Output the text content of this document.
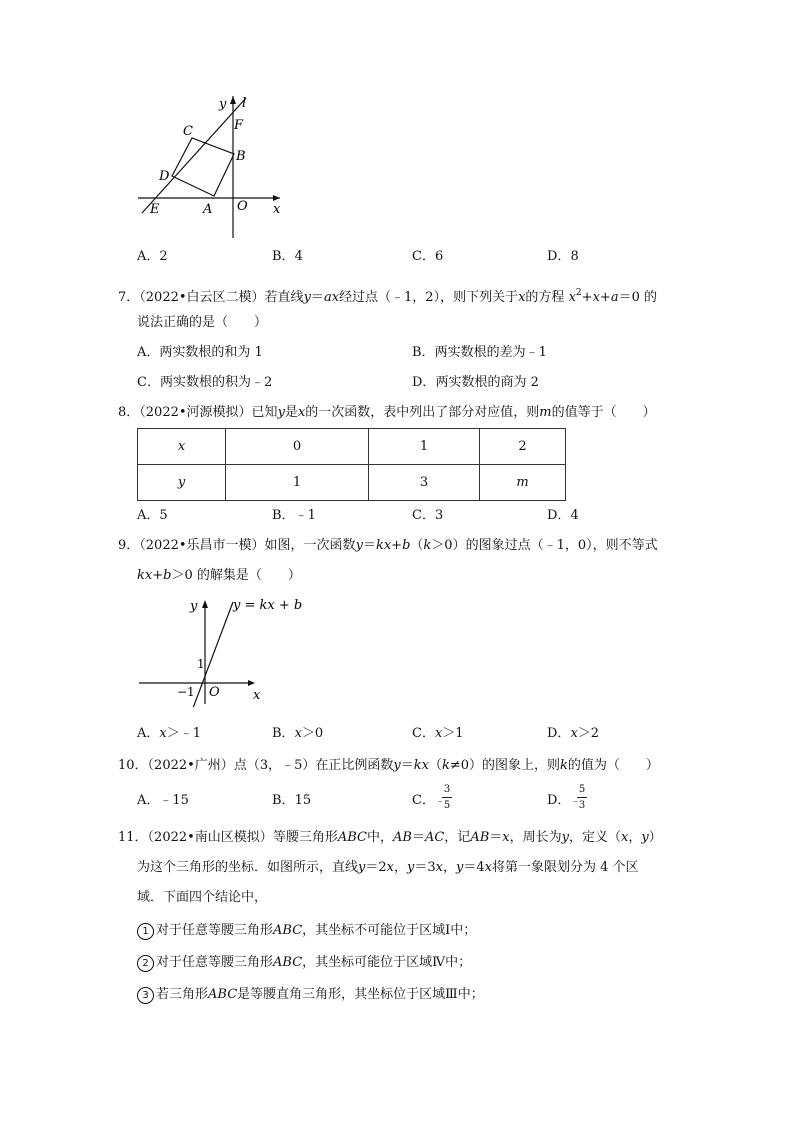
y l
F
C
B
D
E	A O x
A．2	B．4	C．6	D．8
7．（2022•白云区二模）若直线y＝ax经过点（﹣1，2），则下列关于x的方程 $x^2+x+a=0$ 的
说法正确的是（　　）
A．两实数根的和为 1	B．两实数根的差为﹣1
C．两实数根的积为﹣2	D．两实数根的商为 2
8．（2022•河源模拟）已知y是x的一次函数，表中列出了部分对应值，则m的值等于（　　）
x	0	1	2
y	1	3	m
A．5	B．﹣1	C．3	D．4
9．（2022•乐昌市一模）如图，一次函数y＝kx+b（k＞0）的图象过点（﹣1，0），则不等式
kx+b＞0 的解集是（　　）
y	y = kx + b
1
−1 O	x
A．x＞﹣1	B．x＞0	C．x＞1	D．x＞2
10．（2022•广州）点（3，﹣5）在正比例函数y＝kx（k≠0）的图象上，则k的值为（　　）
A．﹣15	B．15	C．﹣
3
5	D．﹣
5
3
11．（2022•南山区模拟）等腰三角形ABC中，AB＝AC，记AB＝x，周长为y，定义（x，y）
为这个三角形的坐标．如图所示，直线y＝2x，y＝3x，y＝4x将第一象限划分为 4 个区
域．下面四个结论中，
1 对于任意等腰三角形ABC，其坐标不可能位于区域Ⅰ中；
2 对于任意等腰三角形ABC，其坐标可能位于区域Ⅳ中；
3 若三角形ABC是等腰直角三角形，其坐标位于区域Ⅲ中；
